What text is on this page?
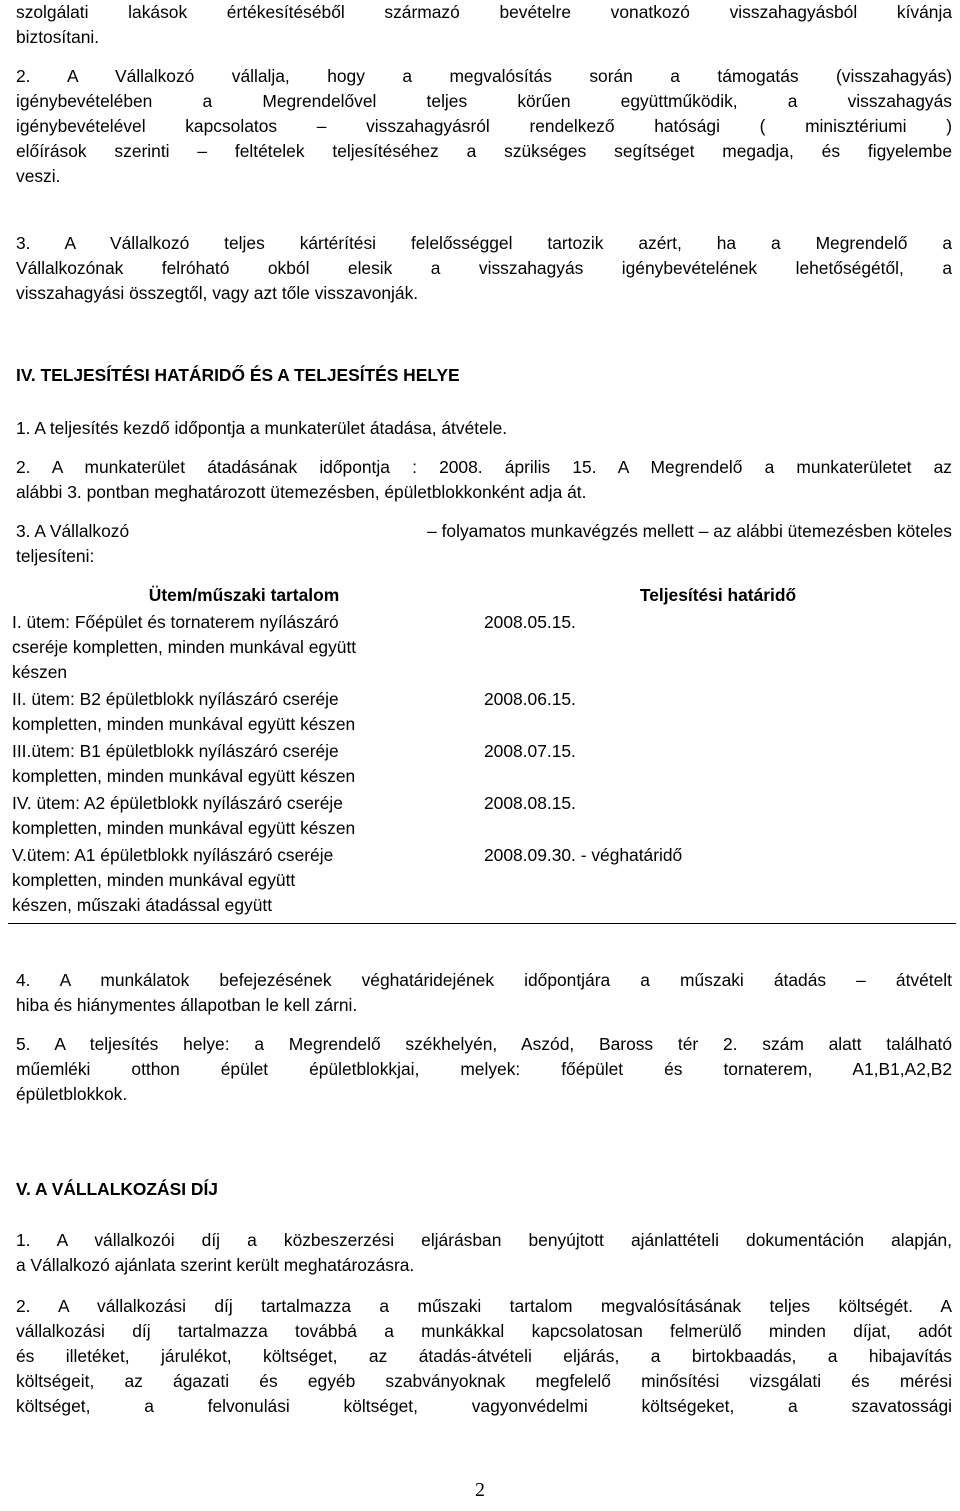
szolgálati lakások értékesítéséből származó bevételre vonatkozó visszahagyásból kívánja
biztosítani.
2. A Vállalkozó vállalja, hogy a megvalósítás során a támogatás (visszahagyás)
igénybevételében a Megrendelővel teljes körűen együttműködik, a visszahagyás
igénybevételével kapcsolatos – visszahagyásról rendelkező hatósági ( minisztériumi )
előírások szerinti – feltételek teljesítéséhez a szükséges segítséget megadja, és figyelembe
veszi.
3. A Vállalkozó teljes kártérítési felelősséggel tartozik azért, ha a Megrendelő a
Vállalkozónak felróható okból elesik a visszahagyás igénybevételének lehetőségétől, a
visszahagyási összegtől, vagy azt tőle visszavonják.
IV. TELJESÍTÉSI HATÁRIDŐ ÉS A TELJESÍTÉS HELYE
1. A teljesítés kezdő időpontja a munkaterület átadása, átvétele.
2. A munkaterület átadásának időpontja : 2008. április 15. A Megrendelő a munkaterületet az
alábbi 3. pontban meghatározott ütemezésben, épületblokkonként adja át.
3. A Vállalkozó	– folyamatos munkavégzés mellett – az alábbi ütemezésben köteles
teljesíteni:
Ütem/műszaki tartalom	Teljesítési határidő

I. ütem: Főépület és tornaterem nyílászáró
cseréje kompletten, minden munkával együtt
készen	2008.05.15.

II. ütem: B2 épületblokk nyílászáró cseréje
kompletten, minden munkával együtt készen	2008.06.15.

III.ütem: B1 épületblokk nyílászáró cseréje
kompletten, minden munkával együtt készen	2008.07.15.

IV. ütem: A2 épületblokk nyílászáró cseréje
kompletten, minden munkával együtt készen	2008.08.15.

V.ütem: A1 épületblokk nyílászáró cseréje
kompletten, minden munkával együtt
készen, műszaki átadással együtt	2008.09.30. - véghatáridő
4. A munkálatok befejezésének véghatáridejének időpontjára a műszaki átadás – átvételt
hiba és hiánymentes állapotban le kell zárni.
5. A teljesítés helye: a Megrendelő székhelyén, Aszód, Baross tér 2. szám alatt található
műemléki otthon épület épületblokkjai, melyek: főépület és tornaterem, A1,B1,A2,B2
épületblokkok.
V. A VÁLLALKOZÁSI DÍJ
1. A vállalkozói díj a közbeszerzési eljárásban benyújtott ajánlattételi dokumentáción alapján,
a Vállalkozó ajánlata szerint került meghatározásra.
2. A vállalkozási díj tartalmazza a műszaki tartalom megvalósításának teljes költségét. A
vállalkozási díj tartalmazza továbbá a munkákkal kapcsolatosan felmerülő minden díjat, adót
és illetéket, járulékot, költséget, az átadás-átvételi eljárás, a birtokbaadás, a hibajavítás
költségeit, az ágazati és egyéb szabványoknak megfelelő minősítési vizsgálati és mérési
költséget, a felvonulási költséget, vagyonvédelmi költségeket, a szavatossági
2
